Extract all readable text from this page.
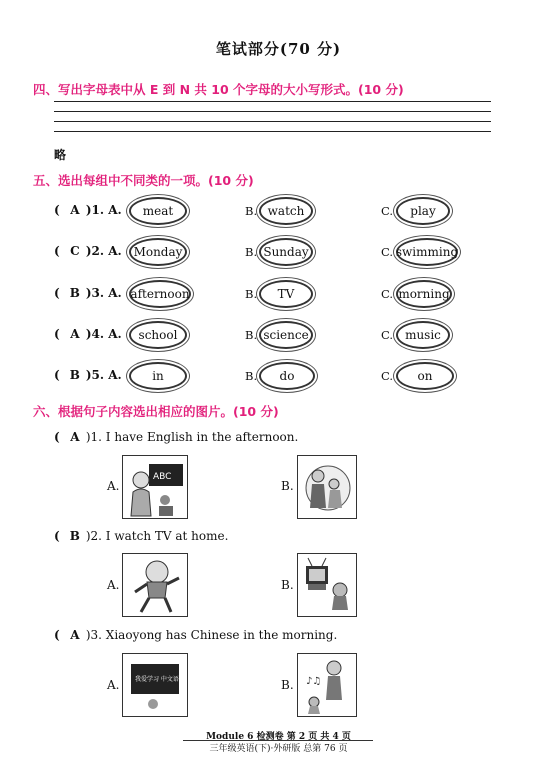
笔试部分(70 分)
四、写出字母表中从 E 到 N 共 10 个字母的大小写形式。(10 分)
略
五、选出每组中不同类的一项。(10 分)
( A )1. A.	meat	B. watch	C.	play
( C )2. A. Monday	B. Sunday	C. swimming
( B )3. A. afternoon	B.	TV	C. morning
( A )4. A.	school	B. science	C.	music
( B )5. A.	in	B.	do	C.	on
六、根据句子内容选出相应的图片。(10 分)
( A )1. I have English in the afternoon.
A.
ABC
B.
( B )2. I watch TV at home.
A.	B.
( A )3. Xiaoyong has Chinese in the morning.
A.	我爱学习 中文语文	B. ♪♫
Module 6 检测卷 第 2 页 共 4 页
三年级英语(下)·外研版 总第 76 页
